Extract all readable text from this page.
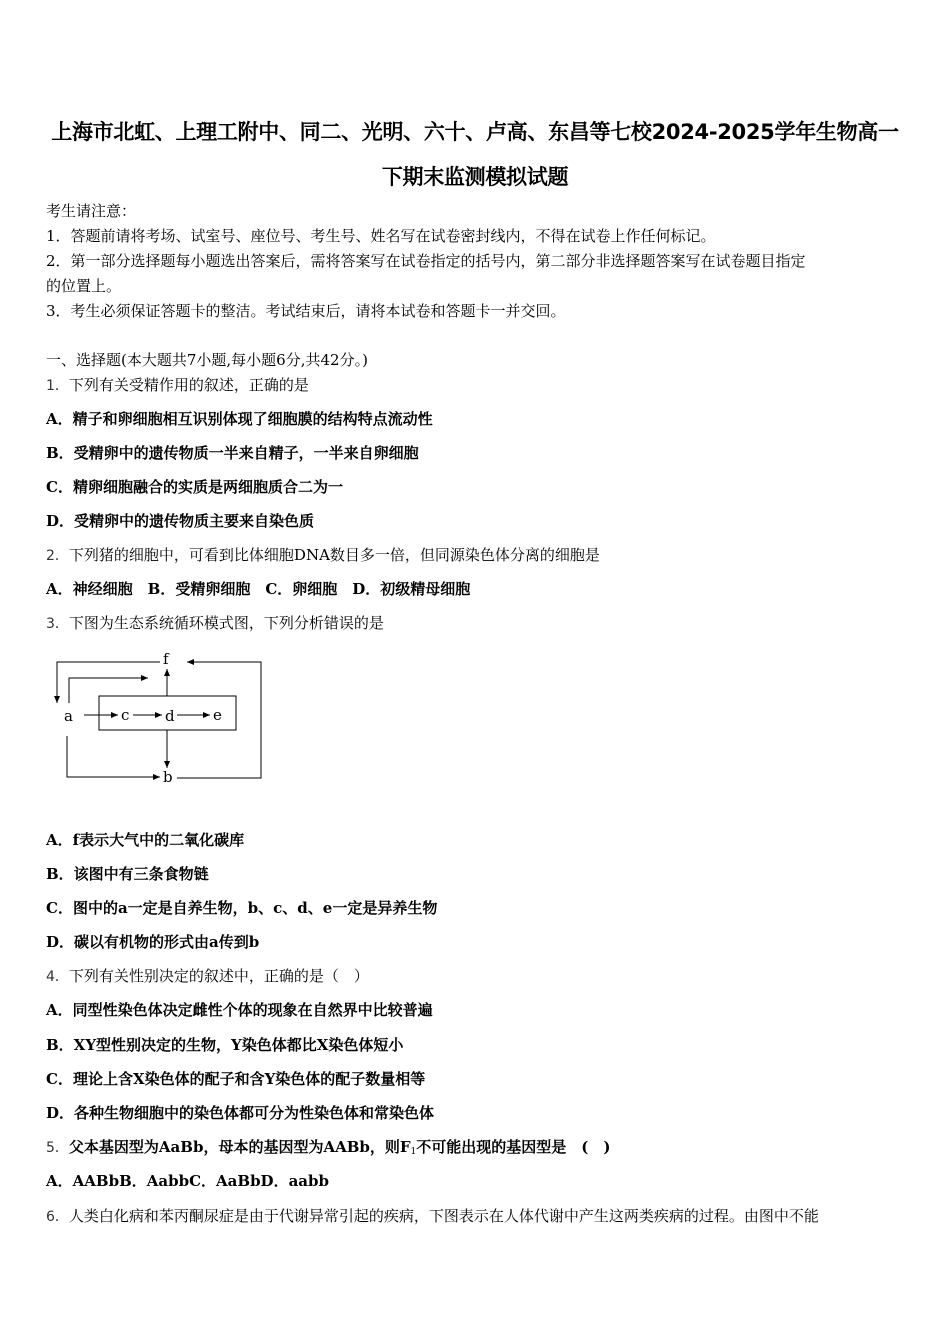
上海市北虹、上理工附中、同二、光明、六十、卢高、东昌等七校2024-2025学年生物高一
下期末监测模拟试题
考生请注意：
1．答题前请将考场、试室号、座位号、考生号、姓名写在试卷密封线内，不得在试卷上作任何标记。
2．第一部分选择题每小题选出答案后，需将答案写在试卷指定的括号内，第二部分非选择题答案写在试卷题目指定
的位置上。
3．考生必须保证答题卡的整洁。考试结束后，请将本试卷和答题卡一并交回。
一、选择题(本大题共7小题,每小题6分,共42分。)
1．下列有关受精作用的叙述，正确的是
A．精子和卵细胞相互识别体现了细胞膜的结构特点流动性
B．受精卵中的遗传物质一半来自精子，一半来自卵细胞
C．精卵细胞融合的实质是两细胞质合二为一
D．受精卵中的遗传物质主要来自染色质
2．下列猪的细胞中，可看到比体细胞DNA数目多一倍，但同源染色体分离的细胞是
A．神经细胞　B．受精卵细胞　C．卵细胞　D．初级精母细胞
3．下图为生态系统循环模式图，下列分析错误的是
a	c d	e
f
b
A．f表示大气中的二氧化碳库
B．该图中有三条食物链
C．图中的a一定是自养生物，b、c、d、e一定是异养生物
D．碳以有机物的形式由a传到b
4．下列有关性别决定的叙述中，正确的是（　）
A．同型性染色体决定雌性个体的现象在自然界中比较普遍
B．XY型性别决定的生物，Y染色体都比X染色体短小
C．理论上含X染色体的配子和含Y染色体的配子数量相等
D．各种生物细胞中的染色体都可分为性染色体和常染色体
5．父本基因型为AaBb，母本的基因型为AABb，则$F_1$不可能出现的基因型是　(　)
A．AABbB．AabbC．AaBbD．aabb
6．人类白化病和苯丙酮尿症是由于代谢异常引起的疾病，下图表示在人体代谢中产生这两类疾病的过程。由图中不能
